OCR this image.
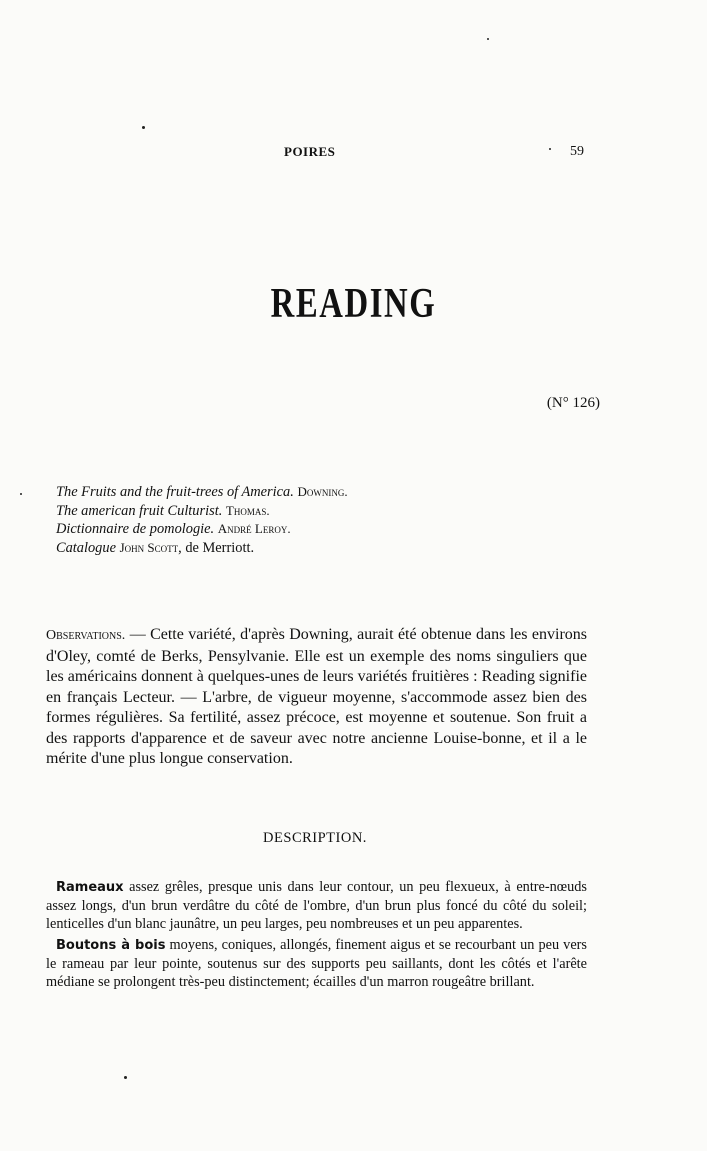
POIRES	59
READING
(N° 126)
The Fruits and the fruit-trees of America. Downing.
The american fruit Culturist. Thomas.
Dictionnaire de pomologie. André Leroy.
Catalogue John Scott, de Merriott.

Observations. — Cette variété, d'après Downing, aurait été obtenue dans les environs d'Oley, comté de Berks, Pensylvanie. Elle est un exemple des noms singuliers que les américains donnent à quelques-unes de leurs variétés fruitières : Reading signifie en français Lecteur. — L'arbre, de vigueur moyenne, s'accommode assez bien des formes régulières. Sa fertilité, assez précoce, est moyenne et soutenue. Son fruit a des rapports d'apparence et de saveur avec notre ancienne Louise-bonne, et il a le mérite d'une plus longue conservation.

DESCRIPTION.

Rameaux assez grêles, presque unis dans leur contour, un peu flexueux, à entre-nœuds assez longs, d'un brun verdâtre du côté de l'ombre, d'un brun plus foncé du côté du soleil; lenticelles d'un blanc jaunâtre, un peu larges, peu nombreuses et un peu apparentes.

Boutons à bois moyens, coniques, allongés, finement aigus et se recourbant un peu vers le rameau par leur pointe, soutenus sur des supports peu saillants, dont les côtés et l'arête médiane se prolongent très-peu distinctement; écailles d'un marron rougeâtre brillant.
